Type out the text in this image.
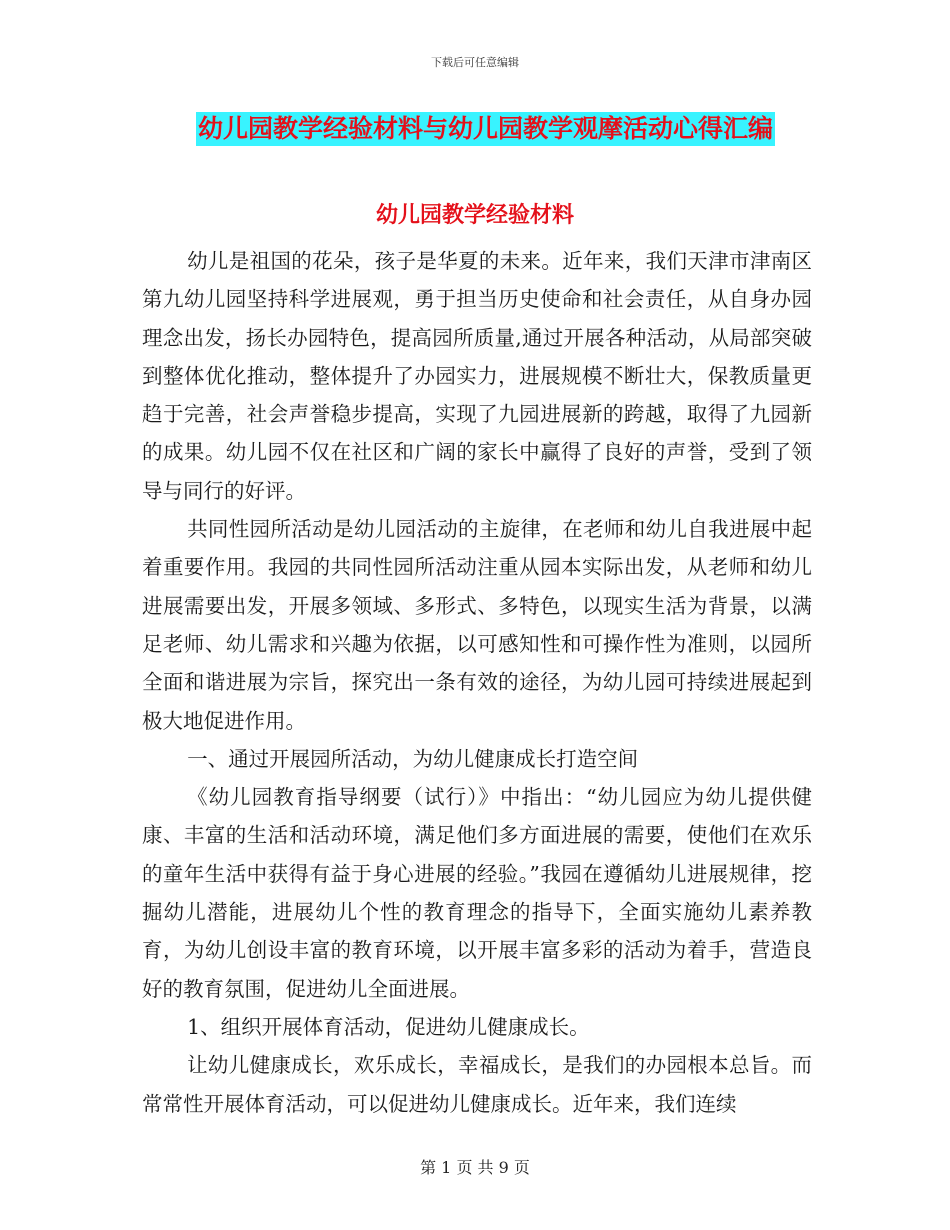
下载后可任意编辑
幼儿园教学经验材料与幼儿园教学观摩活动心得汇编
幼儿园教学经验材料

幼儿是祖国的花朵，孩子是华夏的未来。近年来，我们天津市津南区第九幼儿园坚持科学进展观，勇于担当历史使命和社会责任，从自身办园理念出发，扬长办园特色，提高园所质量,通过开展各种活动，从局部突破到整体优化推动，整体提升了办园实力，进展规模不断壮大，保教质量更趋于完善，社会声誉稳步提高，实现了九园进展新的跨越，取得了九园新的成果。幼儿园不仅在社区和广阔的家长中赢得了良好的声誉，受到了领导与同行的好评。

共同性园所活动是幼儿园活动的主旋律，在老师和幼儿自我进展中起着重要作用。我园的共同性园所活动注重从园本实际出发，从老师和幼儿进展需要出发，开展多领域、多形式、多特色，以现实生活为背景，以满足老师、幼儿需求和兴趣为依据，以可感知性和可操作性为准则，以园所全面和谐进展为宗旨，探究出一条有效的途径，为幼儿园可持续进展起到极大地促进作用。

一、通过开展园所活动，为幼儿健康成长打造空间

《幼儿园教育指导纲要（试行）》中指出：“幼儿园应为幼儿提供健康、丰富的生活和活动环境，满足他们多方面进展的需要，使他们在欢乐的童年生活中获得有益于身心进展的经验。”我园在遵循幼儿进展规律，挖掘幼儿潜能，进展幼儿个性的教育理念的指导下，全面实施幼儿素养教育，为幼儿创设丰富的教育环境，以开展丰富多彩的活动为着手，营造良好的教育氛围，促进幼儿全面进展。

1、组织开展体育活动，促进幼儿健康成长。

让幼儿健康成长，欢乐成长，幸福成长，是我们的办园根本总旨。而常常性开展体育活动，可以促进幼儿健康成长。近年来，我们连续

第 1 页 共 9 页
